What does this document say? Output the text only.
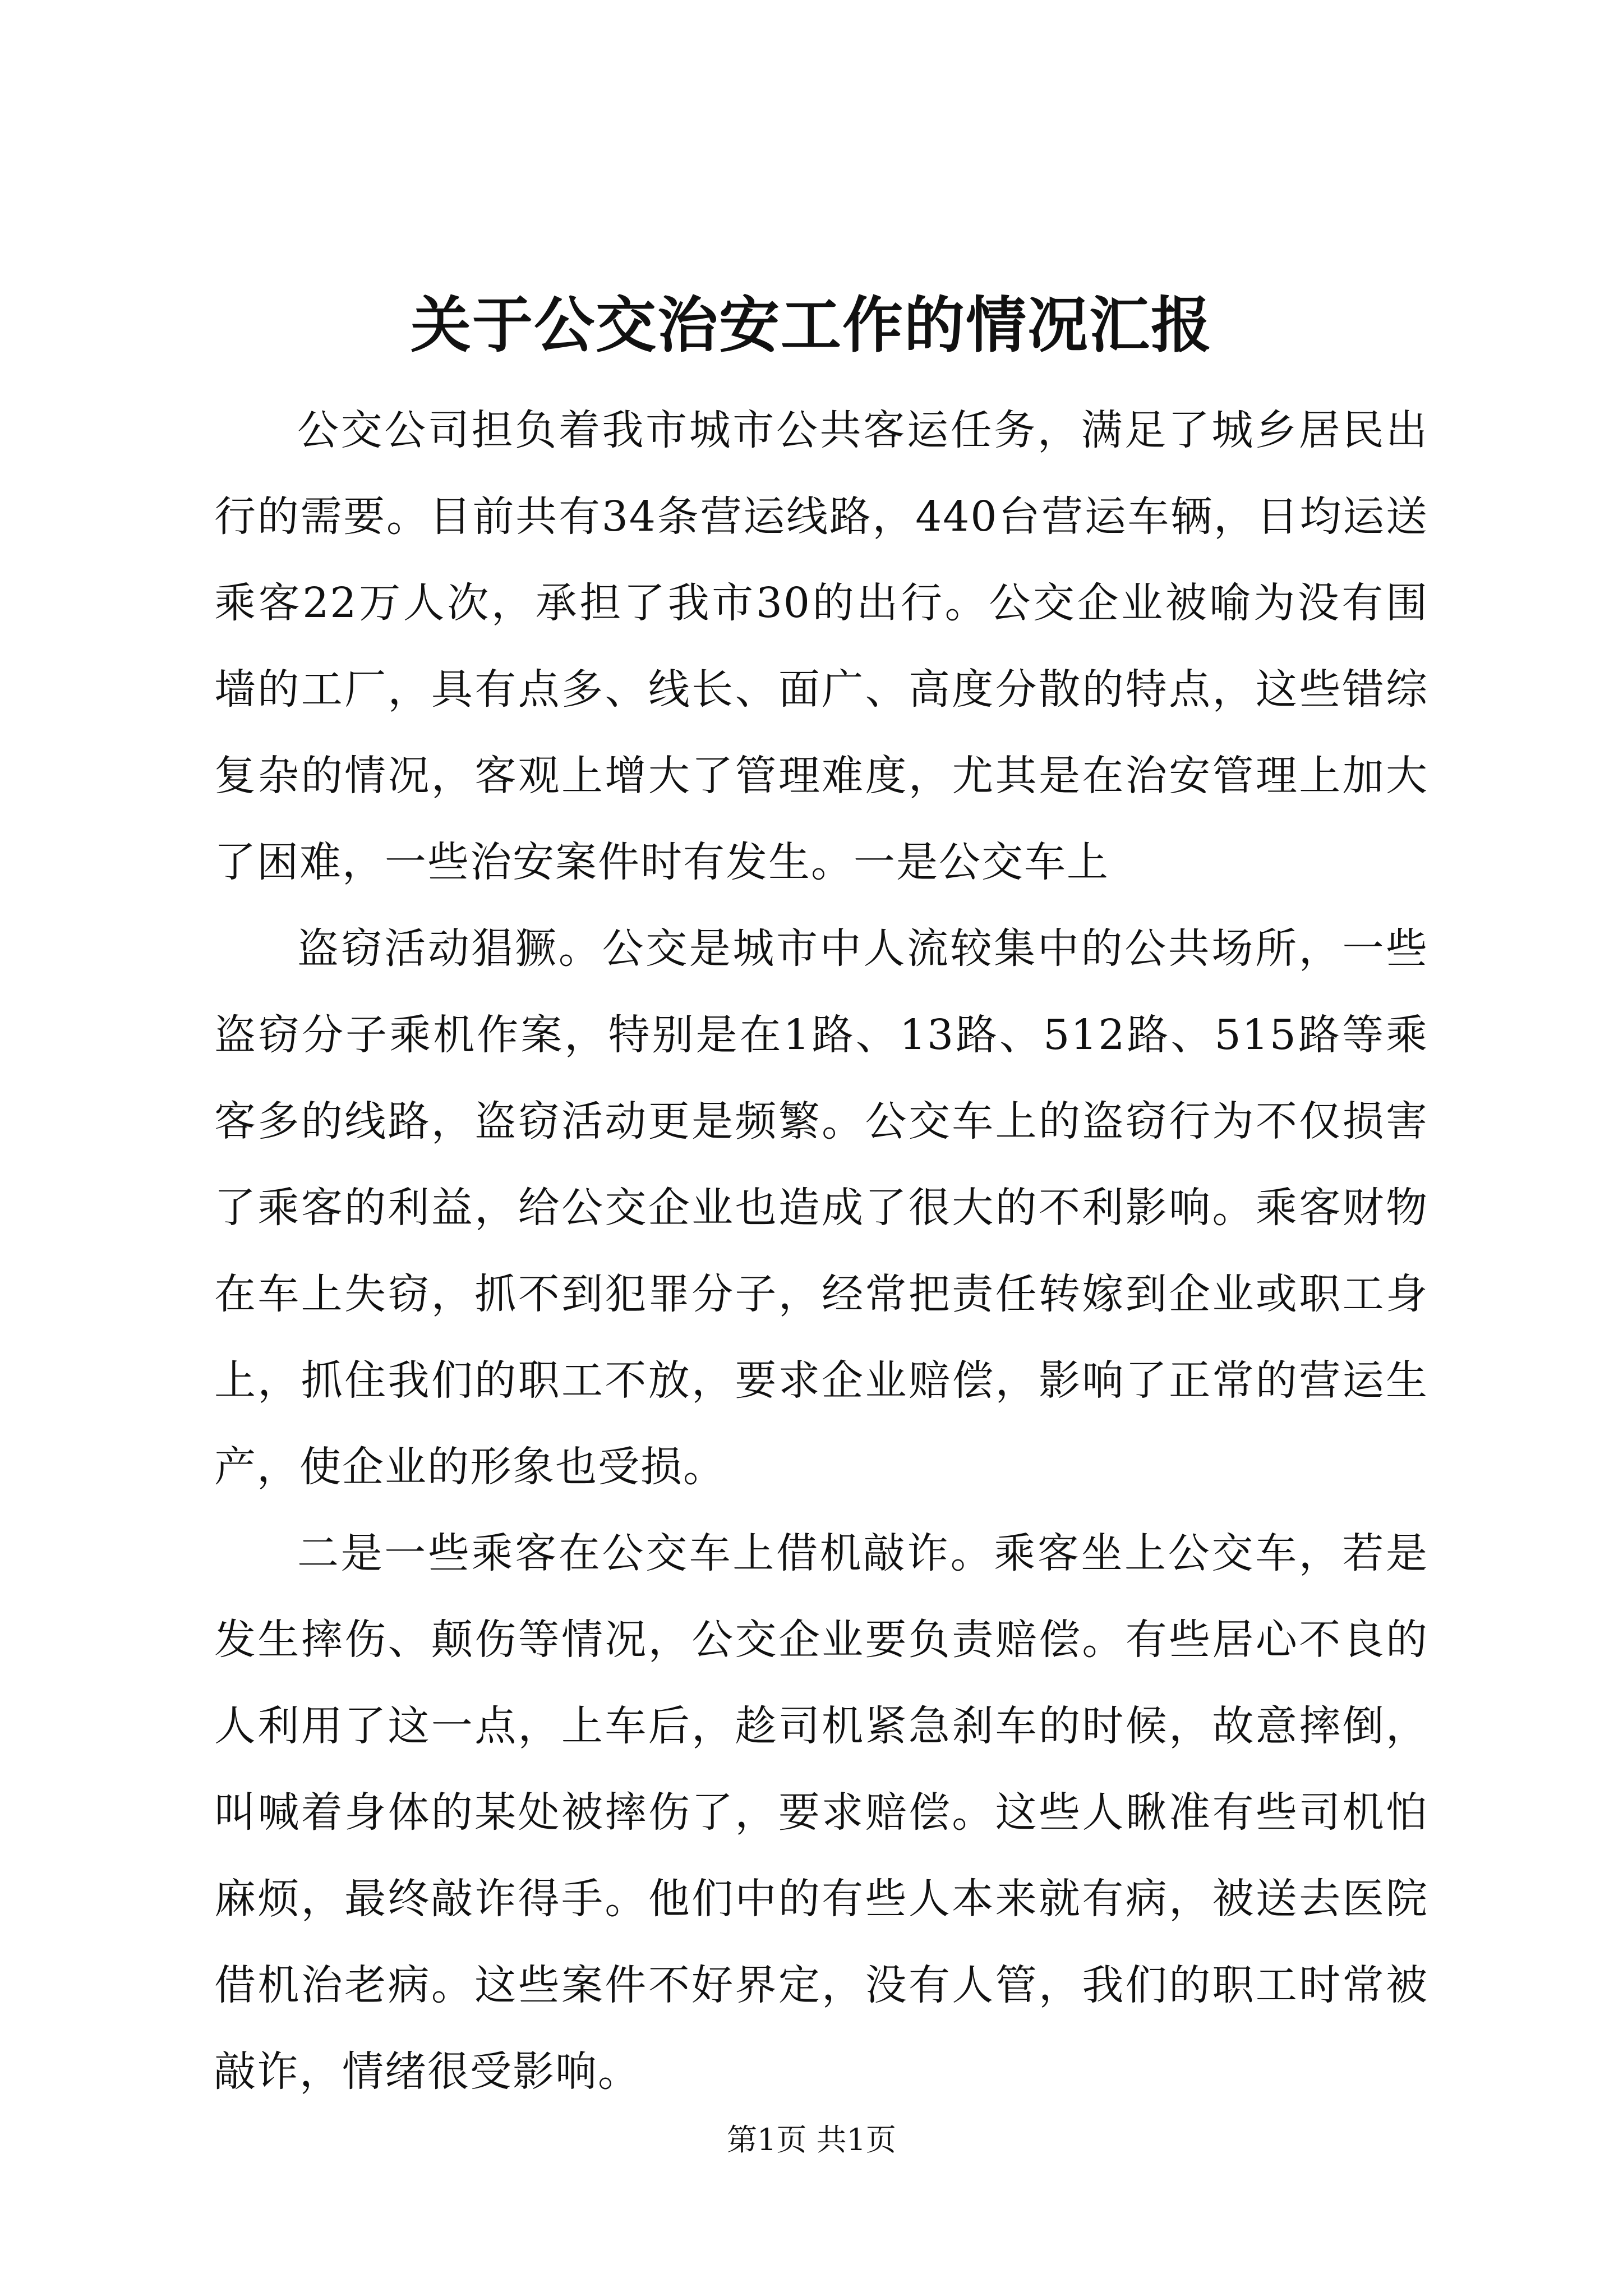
关于公交治安工作的情况汇报

公交公司担负着我市城市公共客运任务，满足了城乡居民出行的需要。目前共有34条营运线路，440台营运车辆，日均运送乘客22万人次，承担了我市30的出行。公交企业被喻为没有围墙的工厂，具有点多、线长、面广、高度分散的特点，这些错综复杂的情况，客观上增大了管理难度，尤其是在治安管理上加大了困难，一些治安案件时有发生。一是公交车上

盗窃活动猖獗。公交是城市中人流较集中的公共场所，一些盗窃分子乘机作案，特别是在1路、13路、512路、515路等乘客多的线路，盗窃活动更是频繁。公交车上的盗窃行为不仅损害了乘客的利益，给公交企业也造成了很大的不利影响。乘客财物在车上失窃，抓不到犯罪分子，经常把责任转嫁到企业或职工身上，抓住我们的职工不放，要求企业赔偿，影响了正常的营运生产，使企业的形象也受损。

二是一些乘客在公交车上借机敲诈。乘客坐上公交车，若是发生摔伤、颠伤等情况，公交企业要负责赔偿。有些居心不良的人利用了这一点，上车后，趁司机紧急刹车的时候，故意摔倒，叫喊着身体的某处被摔伤了，要求赔偿。这些人瞅准有些司机怕麻烦，最终敲诈得手。他们中的有些人本来就有病，被送去医院借机治老病。这些案件不好界定，没有人管，我们的职工时常被敲诈，情绪很受影响。

第1页 共1页
